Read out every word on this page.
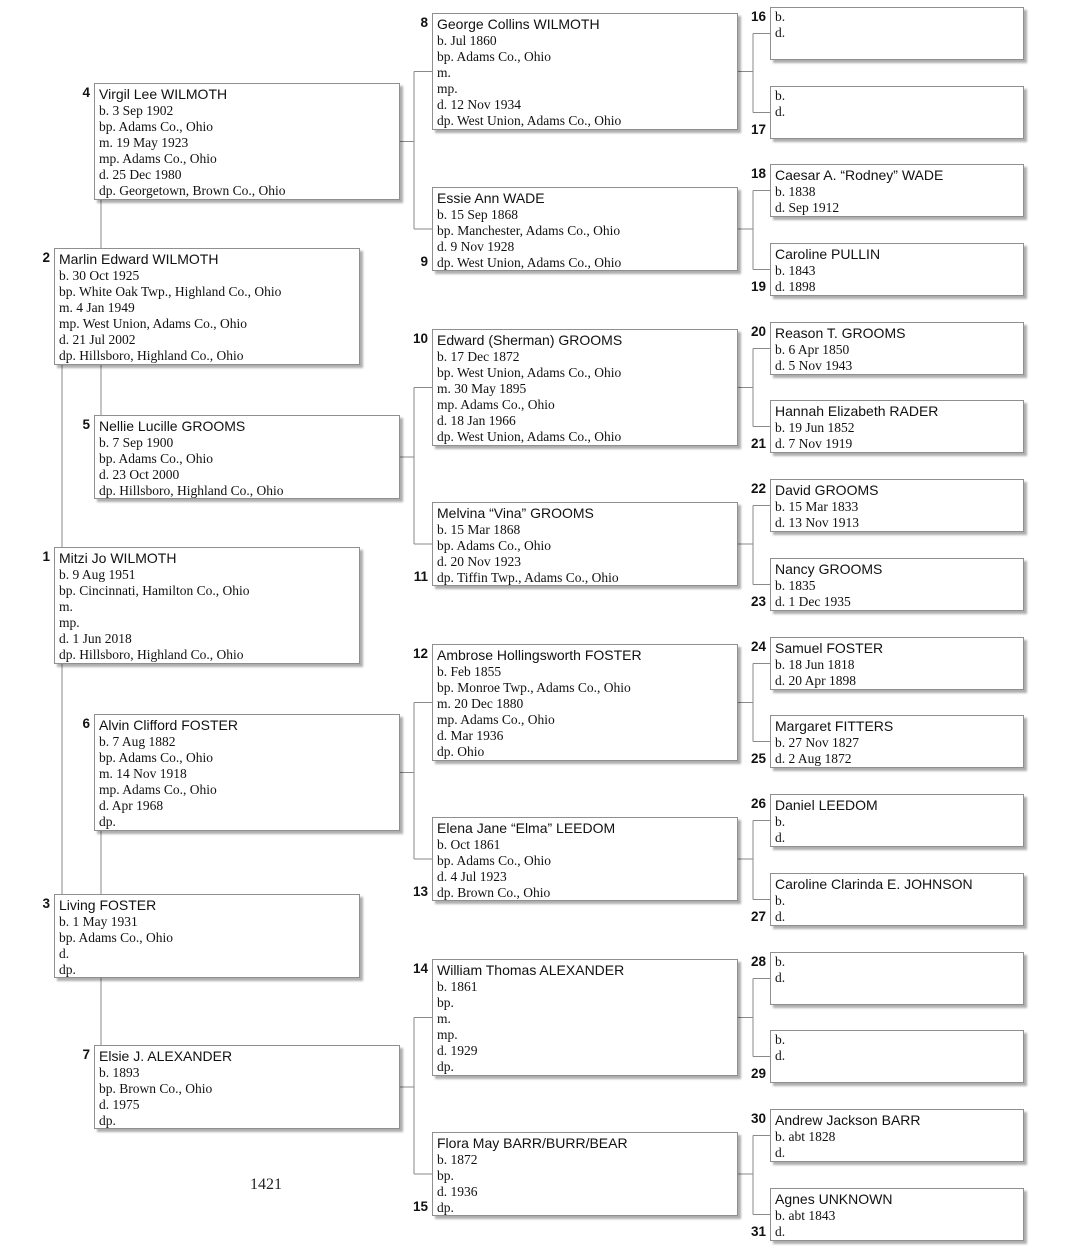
Mitzi Jo WILMOTH
b. 9 Aug 1951
bp. Cincinnati, Hamilton Co., Ohio
m.
mp.
d. 1 Jun 2018
dp. Hillsboro, Highland Co., Ohio
1
Marlin Edward WILMOTH
b. 30 Oct 1925
bp. White Oak Twp., Highland Co., Ohio
m. 4 Jan 1949
mp. West Union, Adams Co., Ohio
d. 21 Jul 2002
dp. Hillsboro, Highland Co., Ohio
2
Living FOSTER
b. 1 May 1931
bp. Adams Co., Ohio
d.
dp.
3
Virgil Lee WILMOTH
b. 3 Sep 1902
bp. Adams Co., Ohio
m. 19 May 1923
mp. Adams Co., Ohio
d. 25 Dec 1980
dp. Georgetown, Brown Co., Ohio
4
Nellie Lucille GROOMS
b. 7 Sep 1900
bp. Adams Co., Ohio
d. 23 Oct 2000
dp. Hillsboro, Highland Co., Ohio
5
Alvin Clifford FOSTER
b. 7 Aug 1882
bp. Adams Co., Ohio
m. 14 Nov 1918
mp. Adams Co., Ohio
d. Apr 1968
dp.
6
Elsie J. ALEXANDER
b. 1893
bp. Brown Co., Ohio
d. 1975
dp.
7
George Collins WILMOTH
b. Jul 1860
bp. Adams Co., Ohio
m.
mp.
d. 12 Nov 1934
dp. West Union, Adams Co., Ohio
8
Essie Ann WADE
b. 15 Sep 1868
bp. Manchester, Adams Co., Ohio
d. 9 Nov 1928
dp. West Union, Adams Co., Ohio
9
Edward (Sherman) GROOMS
b. 17 Dec 1872
bp. West Union, Adams Co., Ohio
m. 30 May 1895
mp. Adams Co., Ohio
d. 18 Jan 1966
dp. West Union, Adams Co., Ohio
10
Melvina “Vina” GROOMS
b. 15 Mar 1868
bp. Adams Co., Ohio
d. 20 Nov 1923
dp. Tiffin Twp., Adams Co., Ohio
11
Ambrose Hollingsworth FOSTER
b. Feb 1855
bp. Monroe Twp., Adams Co., Ohio
m. 20 Dec 1880
mp. Adams Co., Ohio
d. Mar 1936
dp. Ohio
12
Elena Jane “Elma” LEEDOM
b. Oct 1861
bp. Adams Co., Ohio
d. 4 Jul 1923
dp. Brown Co., Ohio
13
William Thomas ALEXANDER
b. 1861
bp.
m.
mp.
d. 1929
dp.
14
Flora May BARR/BURR/BEAR
b. 1872
bp.
d. 1936
dp.
15
b.
d.
16
b.
d.
17
Caesar A. “Rodney” WADE
b. 1838
d. Sep 1912
18
Caroline PULLIN
b. 1843
d. 1898
19
Reason T. GROOMS
b. 6 Apr 1850
d. 5 Nov 1943
20
Hannah Elizabeth RADER
b. 19 Jun 1852
d. 7 Nov 1919
21
David GROOMS
b. 15 Mar 1833
d. 13 Nov 1913
22
Nancy GROOMS
b. 1835
d. 1 Dec 1935
23
Samuel FOSTER
b. 18 Jun 1818
d. 20 Apr 1898
24
Margaret FITTERS
b. 27 Nov 1827
d. 2 Aug 1872
25
Daniel LEEDOM
b.
d.
26
Caroline Clarinda E. JOHNSON
b.
d.
27
b.
d.
28
b.
d.
29
Andrew Jackson BARR
b. abt 1828
d.
30
Agnes UNKNOWN
b. abt 1843
d.
31
1421
